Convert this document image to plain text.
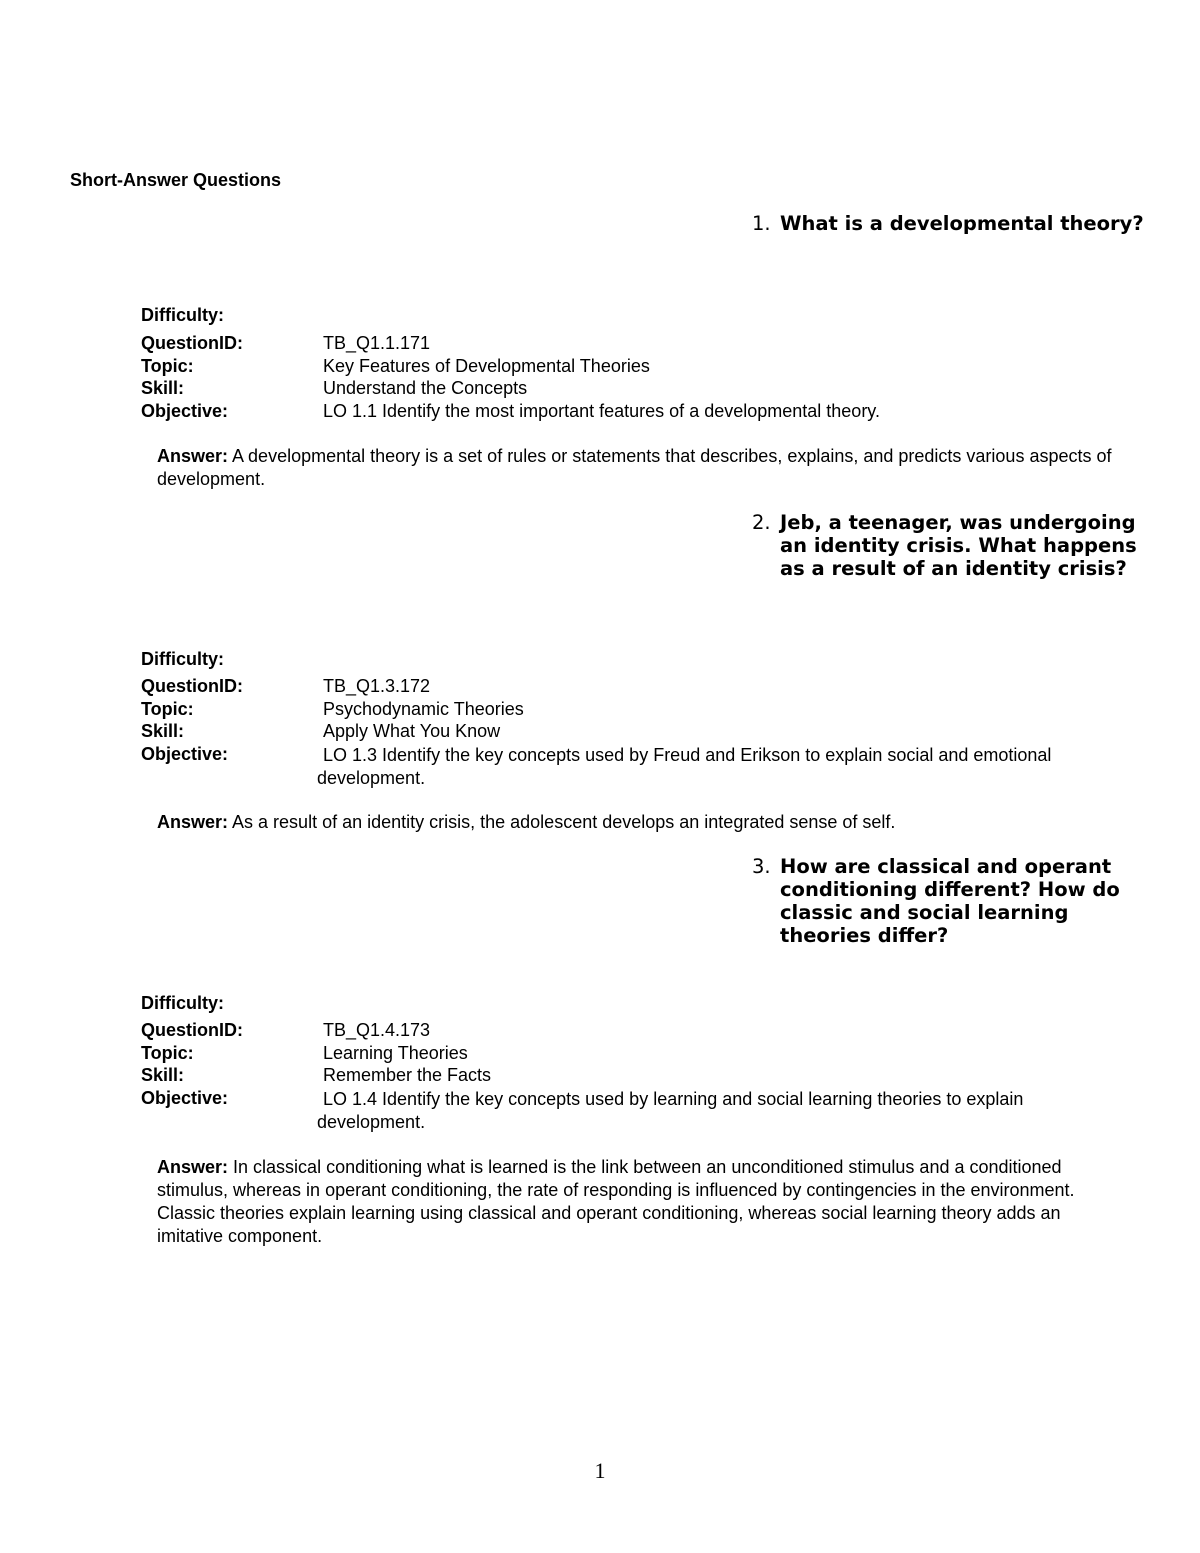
Short-Answer Questions
1. What is a developmental theory?
Difficulty:
QuestionID:	TB_Q1.1.171
Topic:	Key Features of Developmental Theories
Skill:	Understand the Concepts
Objective:	LO 1.1 Identify the most important features of a developmental theory.
Answer: A developmental theory is a set of rules or statements that describes, explains, and predicts various aspects of development.
2. Jeb, a teenager, was undergoing an identity crisis. What happens as a result of an identity crisis?
Difficulty:
QuestionID:	TB_Q1.3.172
Topic:	Psychodynamic Theories
Skill:	Apply What You Know
Objective:	LO 1.3 Identify the key concepts used by Freud and Erikson to explain social and emotional development.
Answer: As a result of an identity crisis, the adolescent develops an integrated sense of self.
3. How are classical and operant conditioning different? How do classic and social learning theories differ?
Difficulty:
QuestionID:	TB_Q1.4.173
Topic:	Learning Theories
Skill:	Remember the Facts
Objective:	LO 1.4 Identify the key concepts used by learning and social learning theories to explain development.
Answer: In classical conditioning what is learned is the link between an unconditioned stimulus and a conditioned stimulus, whereas in operant conditioning, the rate of responding is influenced by contingencies in the environment. Classic theories explain learning using classical and operant conditioning, whereas social learning theory adds an imitative component.
1
